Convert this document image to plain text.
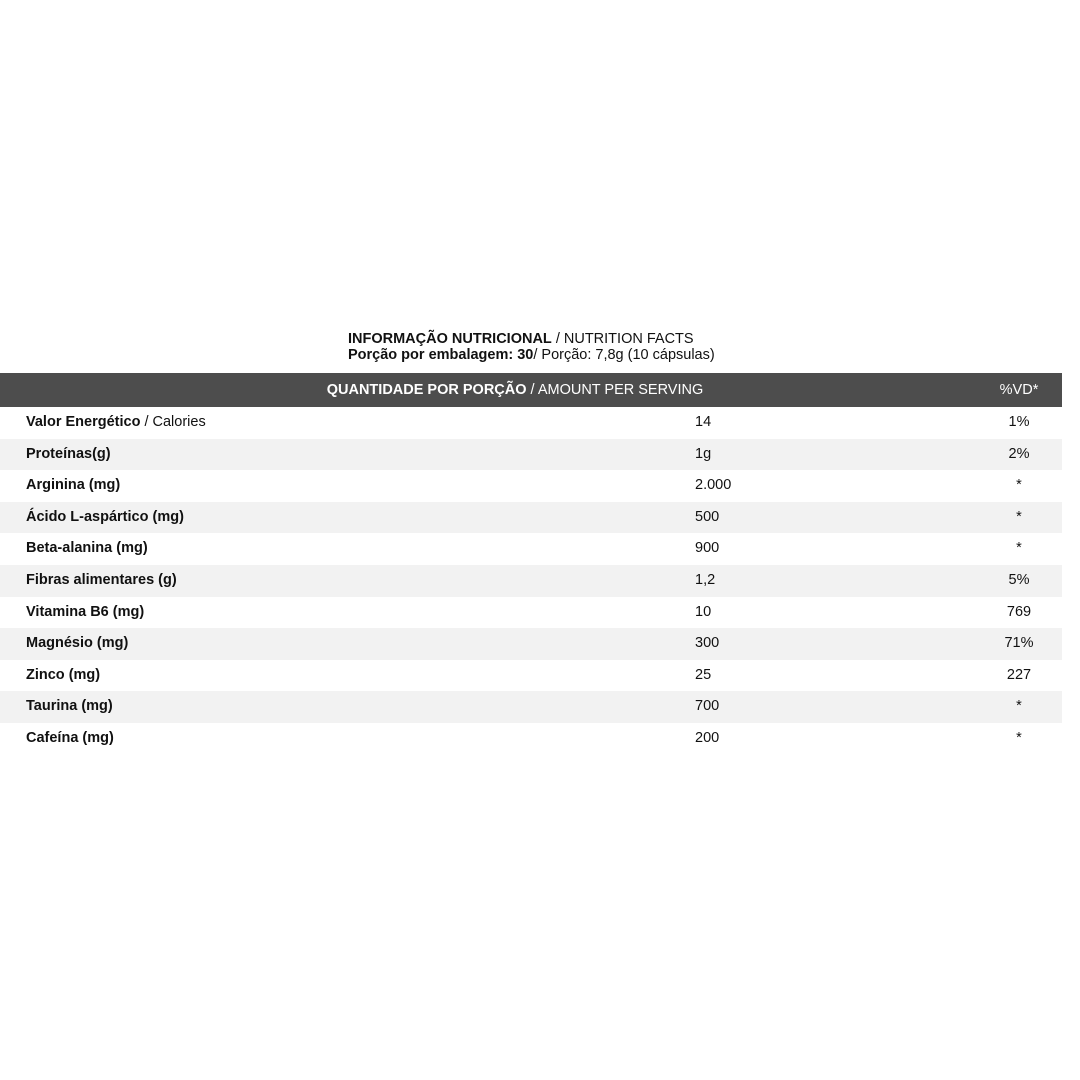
INFORMAÇÃO NUTRICIONAL / NUTRITION FACTS
Porção por embalagem: 30/ Porção: 7,8g (10 cápsulas)
QUANTIDADE POR PORÇÃO / AMOUNT PER SERVING	%VD*
Valor Energético / Calories	14	1%
Proteínas(g)	1g	2%
Arginina (mg)	2.000	*
Ácido L-aspártico (mg)	500	*
Beta-alanina (mg)	900	*
Fibras alimentares (g)	1,2	5%
Vitamina B6 (mg)	10	769
Magnésio (mg)	300	71%
Zinco (mg)	25	227
Taurina (mg)	700	*
Cafeína (mg)	200	*
